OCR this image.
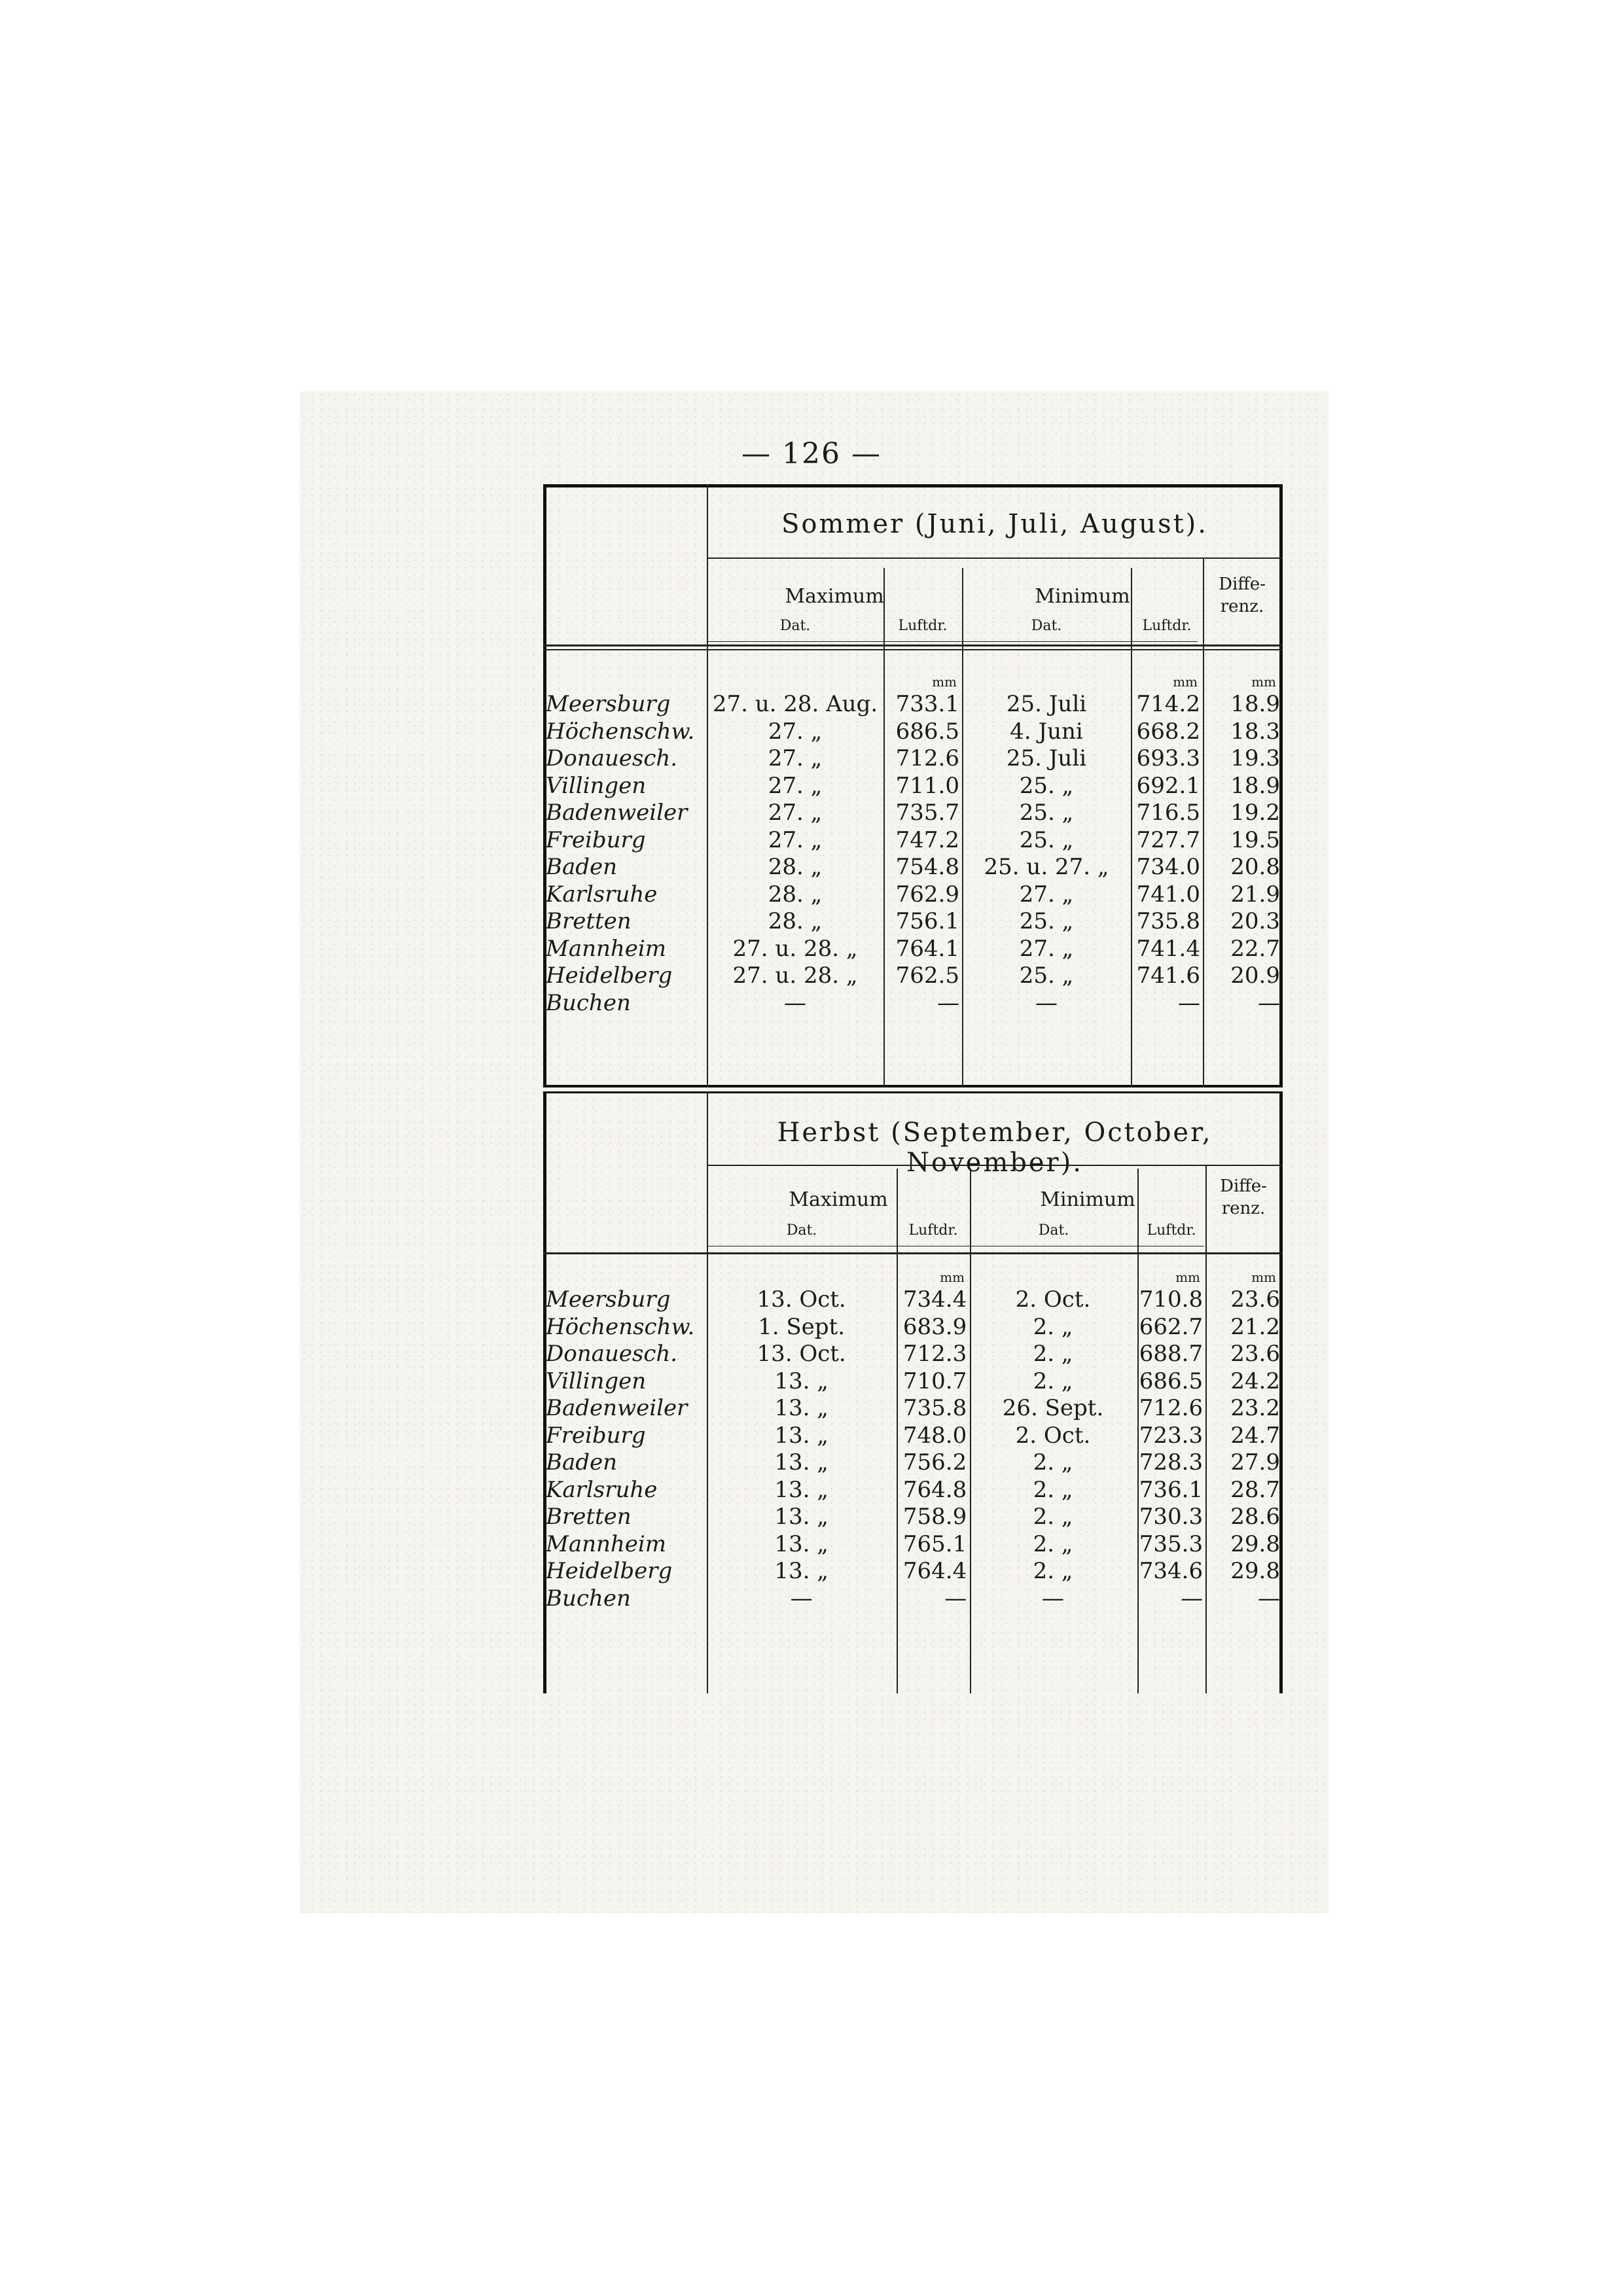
— 126 —
Sommer (Juni, Juli, August).
Maximum	Minimum
Diffe-renz.
Dat.	Luftdr.	Dat.	Luftdr.
mm	mm	mm
Meersburg	27. u. 28. Aug.	733.1	25. Juli	714.2	18.9
Höchenschw.	27. „	686.5	4. Juni	668.2	18.3
Donauesch.	27. „	712.6	25. Juli	693.3	19.3
Villingen	27. „	711.0	25. „	692.1	18.9
Badenweiler	27. „	735.7	25. „	716.5	19.2
Freiburg	27. „	747.2	25. „	727.7	19.5
Baden	28. „	754.8	25. u. 27. „	734.0	20.8
Karlsruhe	28. „	762.9	27. „	741.0	21.9
Bretten	28. „	756.1	25. „	735.8	20.3
Mannheim	27. u. 28. „	764.1	27. „	741.4	22.7
Heidelberg	27. u. 28. „	762.5	25. „	741.6	20.9
Buchen	—	—	—	—	—
Herbst (September, October, November).
Maximum	Minimum
Diffe-renz.
Dat.	Luftdr.	Dat.	Luftdr.
mm	mm	mm
Meersburg	13. Oct.	734.4	2. Oct.	710.8	23.6
Höchenschw.	1. Sept.	683.9	2. „	662.7	21.2
Donauesch.	13. Oct.	712.3	2. „	688.7	23.6
Villingen	13. „	710.7	2. „	686.5	24.2
Badenweiler	13. „	735.8	26. Sept.	712.6	23.2
Freiburg	13. „	748.0	2. Oct.	723.3	24.7
Baden	13. „	756.2	2. „	728.3	27.9
Karlsruhe	13. „	764.8	2. „	736.1	28.7
Bretten	13. „	758.9	2. „	730.3	28.6
Mannheim	13. „	765.1	2. „	735.3	29.8
Heidelberg	13. „	764.4	2. „	734.6	29.8
Buchen	—	—	—	—	—
